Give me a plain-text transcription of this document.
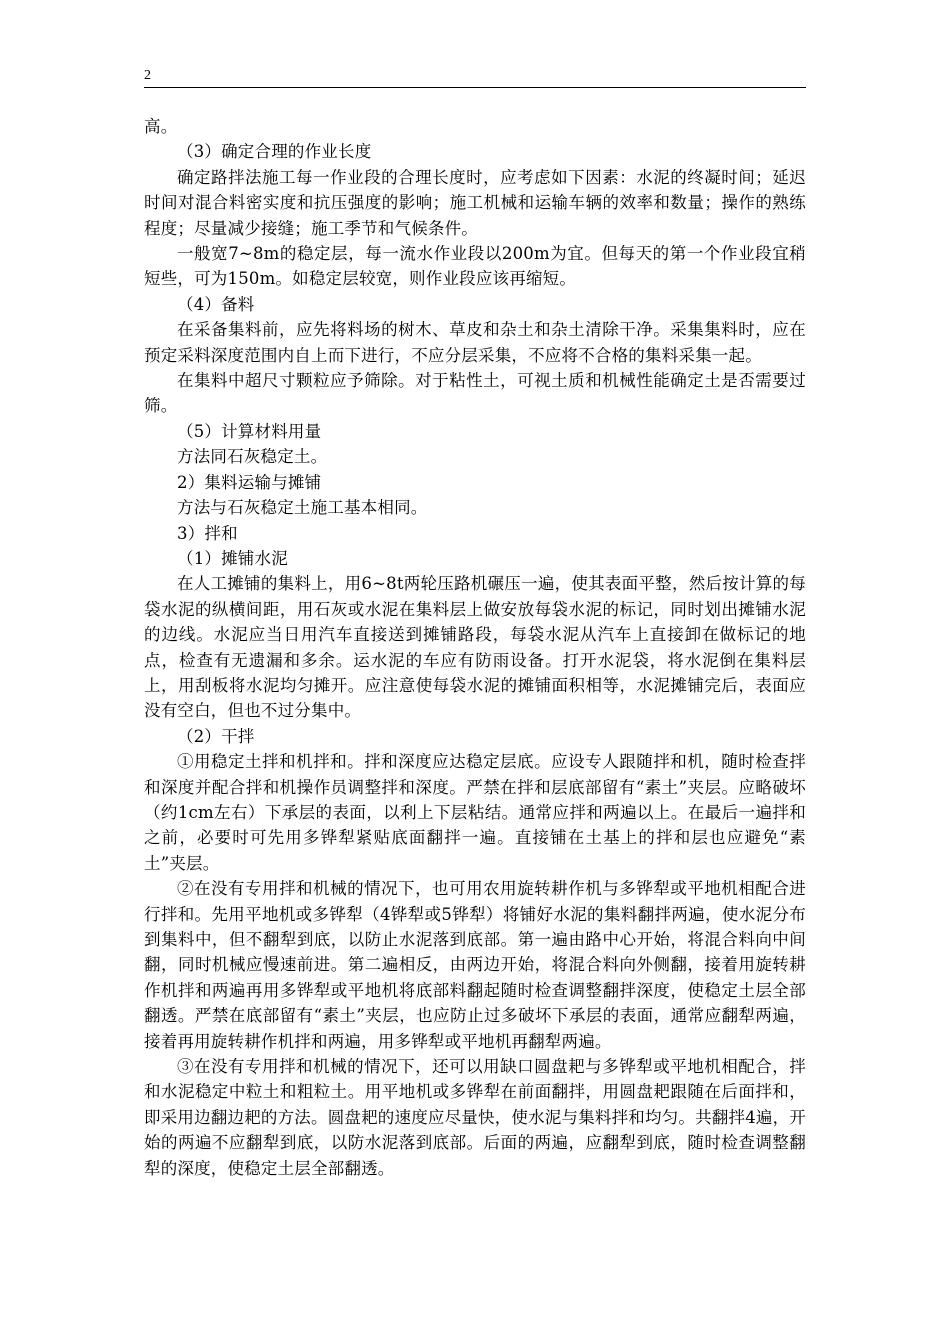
2

高。

（3）确定合理的作业长度

确定路拌法施工每一作业段的合理长度时，应考虑如下因素：水泥的终凝时间；延迟时间对混合料密实度和抗压强度的影响；施工机械和运输车辆的效率和数量；操作的熟练程度；尽量减少接缝；施工季节和气候条件。

一般宽7~8m的稳定层，每一流水作业段以200m为宜。但每天的第一个作业段宜稍短些，可为150m。如稳定层较宽，则作业段应该再缩短。

（4）备料

在采备集料前，应先将料场的树木、草皮和杂土和杂土清除干净。采集集料时，应在预定采料深度范围内自上而下进行，不应分层采集，不应将不合格的集料采集一起。

在集料中超尺寸颗粒应予筛除。对于粘性土，可视土质和机械性能确定土是否需要过筛。

（5）计算材料用量

方法同石灰稳定土。

2）集料运输与摊铺

方法与石灰稳定土施工基本相同。

3）拌和

（1）摊铺水泥

在人工摊铺的集料上，用6~8t两轮压路机碾压一遍，使其表面平整，然后按计算的每袋水泥的纵横间距，用石灰或水泥在集料层上做安放每袋水泥的标记，同时划出摊铺水泥的边线。水泥应当日用汽车直接送到摊铺路段，每袋水泥从汽车上直接卸在做标记的地点，检查有无遗漏和多余。运水泥的车应有防雨设备。打开水泥袋，将水泥倒在集料层上，用刮板将水泥均匀摊开。应注意使每袋水泥的摊铺面积相等，水泥摊铺完后，表面应没有空白，但也不过分集中。

（2）干拌

①用稳定土拌和机拌和。拌和深度应达稳定层底。应设专人跟随拌和机，随时检查拌和深度并配合拌和机操作员调整拌和深度。严禁在拌和层底部留有“素土”夹层。应略破坏（约1cm左右）下承层的表面，以利上下层粘结。通常应拌和两遍以上。在最后一遍拌和之前，必要时可先用多铧犁紧贴底面翻拌一遍。直接铺在土基上的拌和层也应避免“素土”夹层。

②在没有专用拌和机械的情况下，也可用农用旋转耕作机与多铧犁或平地机相配合进行拌和。先用平地机或多铧犁（4铧犁或5铧犁）将铺好水泥的集料翻拌两遍，使水泥分布到集料中，但不翻犁到底，以防止水泥落到底部。第一遍由路中心开始，将混合料向中间翻，同时机械应慢速前进。第二遍相反，由两边开始，将混合料向外侧翻，接着用旋转耕作机拌和两遍再用多铧犁或平地机将底部料翻起随时检查调整翻拌深度，使稳定土层全部翻透。严禁在底部留有“素土”夹层，也应防止过多破坏下承层的表面，通常应翻犁两遍，接着再用旋转耕作机拌和两遍，用多铧犁或平地机再翻犁两遍。

③在没有专用拌和机械的情况下，还可以用缺口圆盘耙与多铧犁或平地机相配合，拌和水泥稳定中粒土和粗粒土。用平地机或多铧犁在前面翻拌，用圆盘耙跟随在后面拌和，即采用边翻边耙的方法。圆盘耙的速度应尽量快，使水泥与集料拌和均匀。共翻拌4遍，开始的两遍不应翻犁到底，以防水泥落到底部。后面的两遍，应翻犁到底，随时检查调整翻犁的深度，使稳定土层全部翻透。
